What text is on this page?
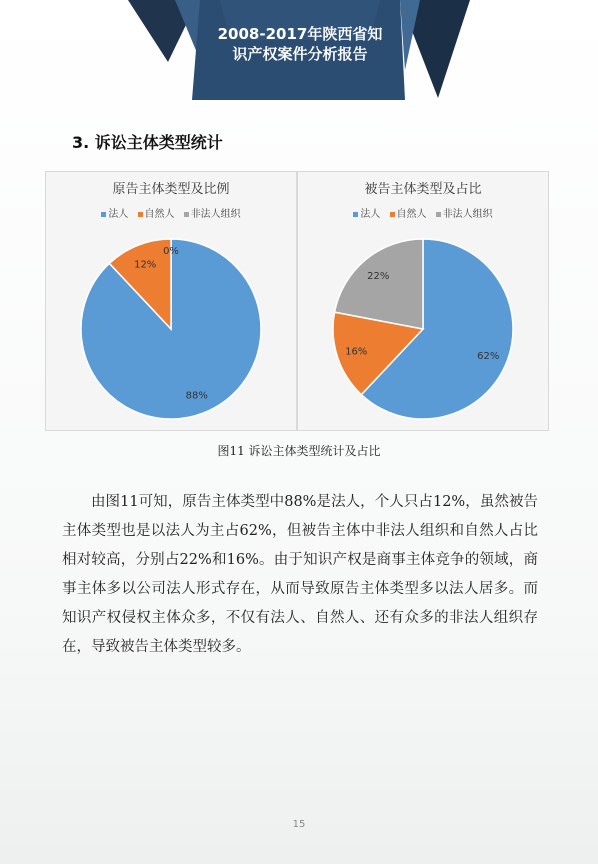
2008-2017年陕西省知
识产权案件分析报告
3. 诉讼主体类型统计
88%
12%
0%
原告主体类型及比例
法人 自然人 非法人组织
62%
16%
22%
被告主体类型及占比
法人 自然人 非法人组织
图11 诉讼主体类型统计及占比

由图11可知，原告主体类型中88%是法人，个人只占12%，虽然被告主体类型也是以法人为主占62%，但被告主体中非法人组织和自然人占比相对较高，分别占22%和16%。由于知识产权是商事主体竞争的领域，商事主体多以公司法人形式存在，从而导致原告主体类型多以法人居多。而知识产权侵权主体众多，不仅有法人、自然人、还有众多的非法人组织存在，导致被告主体类型较多。

15
